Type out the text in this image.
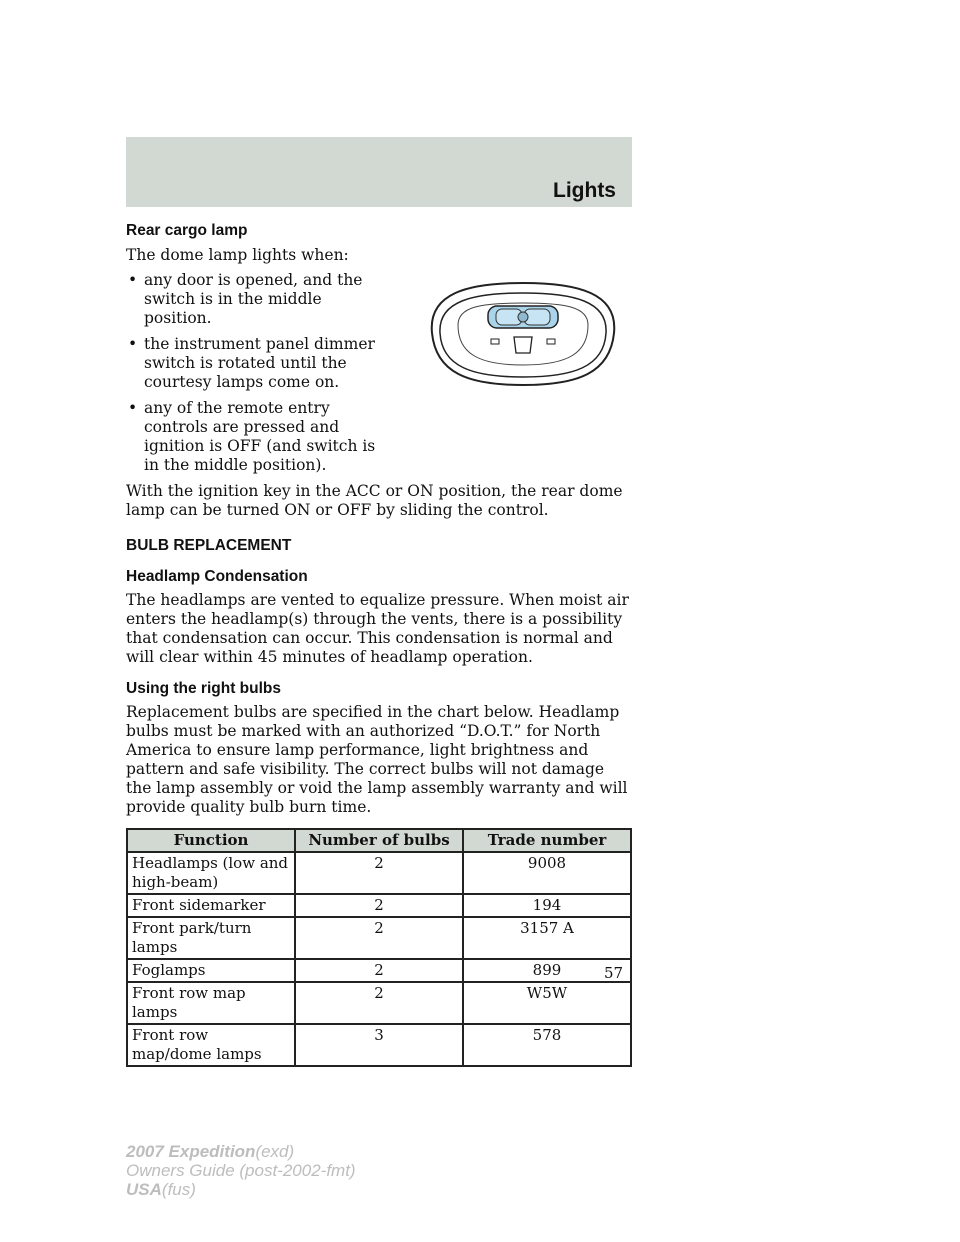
Lights

Rear cargo lamp

The dome lamp lights when:

• any door is opened, and the switch is in the middle position.
• the instrument panel dimmer switch is rotated until the courtesy lamps come on.
• any of the remote entry controls are pressed and ignition is OFF (and switch is in the middle position).

With the ignition key in the ACC or ON position, the rear dome lamp can be turned ON or OFF by sliding the control.

BULB REPLACEMENT

Headlamp Condensation

The headlamps are vented to equalize pressure. When moist air enters the headlamp(s) through the vents, there is a possibility that condensation can occur. This condensation is normal and will clear within 45 minutes of headlamp operation.

Using the right bulbs

Replacement bulbs are specified in the chart below. Headlamp bulbs must be marked with an authorized “D.O.T.” for North America to ensure lamp performance, light brightness and pattern and safe visibility. The correct bulbs will not damage the lamp assembly or void the lamp assembly warranty and will provide quality bulb burn time.

Function	Number of bulbs	Trade number
Headlamps (low and high-beam)	2	9008
Front sidemarker	2	194
Front park/turn lamps	2	3157 A
Foglamps	2	899
Front row map lamps	2	W5W
Front row map/dome lamps	3	578
57
2007 Expedition(exd)
Owners Guide (post-2002-fmt)
USA(fus)
